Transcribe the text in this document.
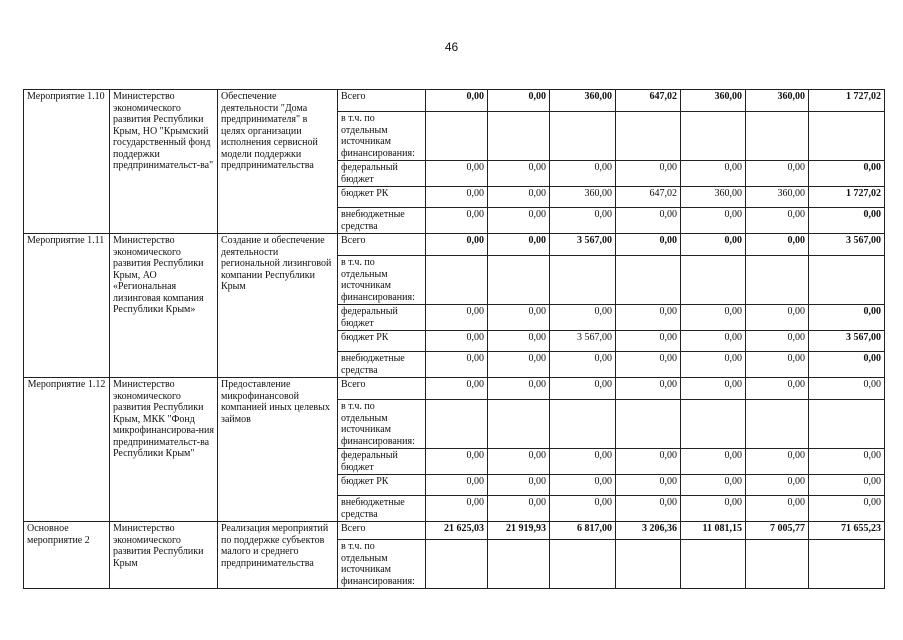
46
Мероприятие 1.10	Министерство экономического развития Республики Крым, НО "Крымский государственный фонд поддержки предпринимательст-ва"	Обеспечение деятельности "Дома предпринимателя" в целях организации исполнения сервисной модели поддержки предпринимательства	Всего	0,00	0,00	360,00	647,02	360,00	360,00	1 727,02
			в т.ч. по отдельным источникам финансирования:							
			федеральный бюджет	0,00	0,00	0,00	0,00	0,00	0,00	0,00
			бюджет РК	0,00	0,00	360,00	647,02	360,00	360,00	1 727,02
			внебюджетные средства	0,00	0,00	0,00	0,00	0,00	0,00	0,00
Мероприятие 1.11	Министерство экономического развития Республики Крым, АО «Региональная лизинговая компания Республики Крым»	Создание и обеспечение деятельности региональной лизинговой компании Республики Крым	Всего	0,00	0,00	3 567,00	0,00	0,00	0,00	3 567,00
			в т.ч. по отдельным источникам финансирования:							
			федеральный бюджет	0,00	0,00	0,00	0,00	0,00	0,00	0,00
			бюджет РК	0,00	0,00	3 567,00	0,00	0,00	0,00	3 567,00
			внебюджетные средства	0,00	0,00	0,00	0,00	0,00	0,00	0,00
Мероприятие 1.12	Министерство экономического развития Республики Крым, МКК "Фонд микрофинансирова-ния предпринимательст-ва Республики Крым"	Предоставление микрофинансовой компанией иных целевых займов	Всего	0,00	0,00	0,00	0,00	0,00	0,00	0,00
			в т.ч. по отдельным источникам финансирования:							
			федеральный бюджет	0,00	0,00	0,00	0,00	0,00	0,00	0,00
			бюджет РК	0,00	0,00	0,00	0,00	0,00	0,00	0,00
			внебюджетные средства	0,00	0,00	0,00	0,00	0,00	0,00	0,00
Основное мероприятие 2	Министерство экономического развития Республики Крым	Реализация мероприятий по поддержке субъектов малого и среднего предпринимательства	Всего	21 625,03	21 919,93	6 817,00	3 206,36	11 081,15	7 005,77	71 655,23
			в т.ч. по отдельным источникам финансирования:							
